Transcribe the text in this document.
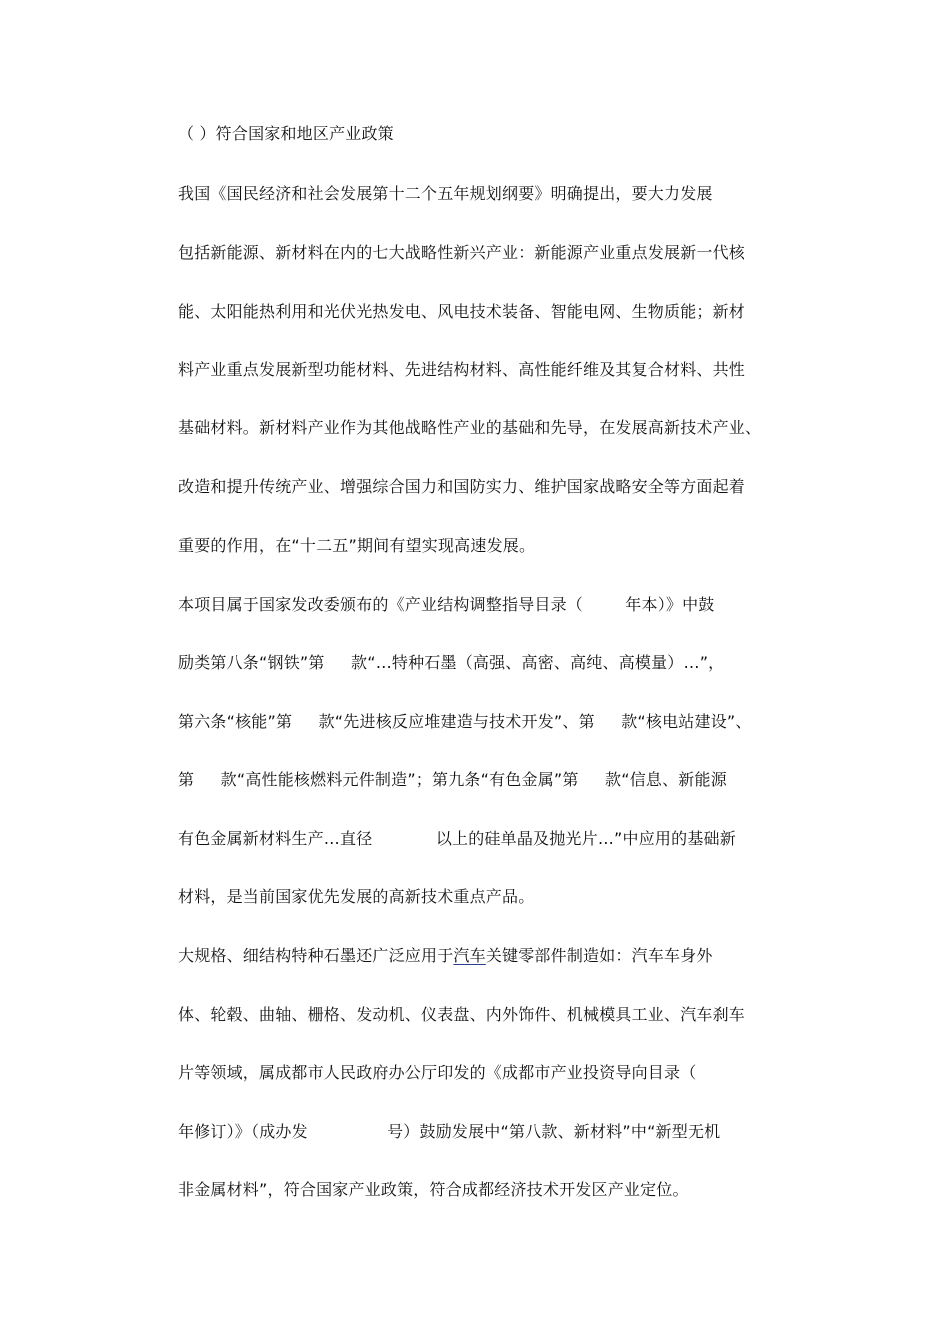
（ ）符合国家和地区产业政策
我国《国民经济和社会发展第十二个五年规划纲要》明确提出，要大力发展
包括新能源、新材料在内的七大战略性新兴产业：新能源产业重点发展新一代核
能、太阳能热利用和光伏光热发电、风电技术装备、智能电网、生物质能；新材
料产业重点发展新型功能材料、先进结构材料、高性能纤维及其复合材料、共性
基础材料。新材料产业作为其他战略性产业的基础和先导，在发展高新技术产业、
改造和提升传统产业、增强综合国力和国防实力、维护国家战略安全等方面起着
重要的作用，在“十二五”期间有望实现高速发展。
本项目属于国家发改委颁布的《产业结构调整指导目录（        年本）》中鼓
励类第八条“钢铁”第     款“…特种石墨（高强、高密、高纯、高模量）…”，
第六条“核能”第     款“先进核反应堆建造与技术开发”、第     款“核电站建设”、
第     款“高性能核燃料元件制造”；第九条“有色金属”第     款“信息、新能源
有色金属新材料生产…直径            以上的硅单晶及抛光片…”中应用的基础新
材料，是当前国家优先发展的高新技术重点产品。
大规格、细结构特种石墨还广泛应用于汽车关键零部件制造如：汽车车身外
体、轮毂、曲轴、栅格、发动机、仪表盘、内外饰件、机械模具工业、汽车刹车
片等领域，属成都市人民政府办公厅印发的《成都市产业投资导向目录（
年修订）》（成办发               号）鼓励发展中“第八款、新材料”中“新型无机
非金属材料”，符合国家产业政策，符合成都经济技术开发区产业定位。
